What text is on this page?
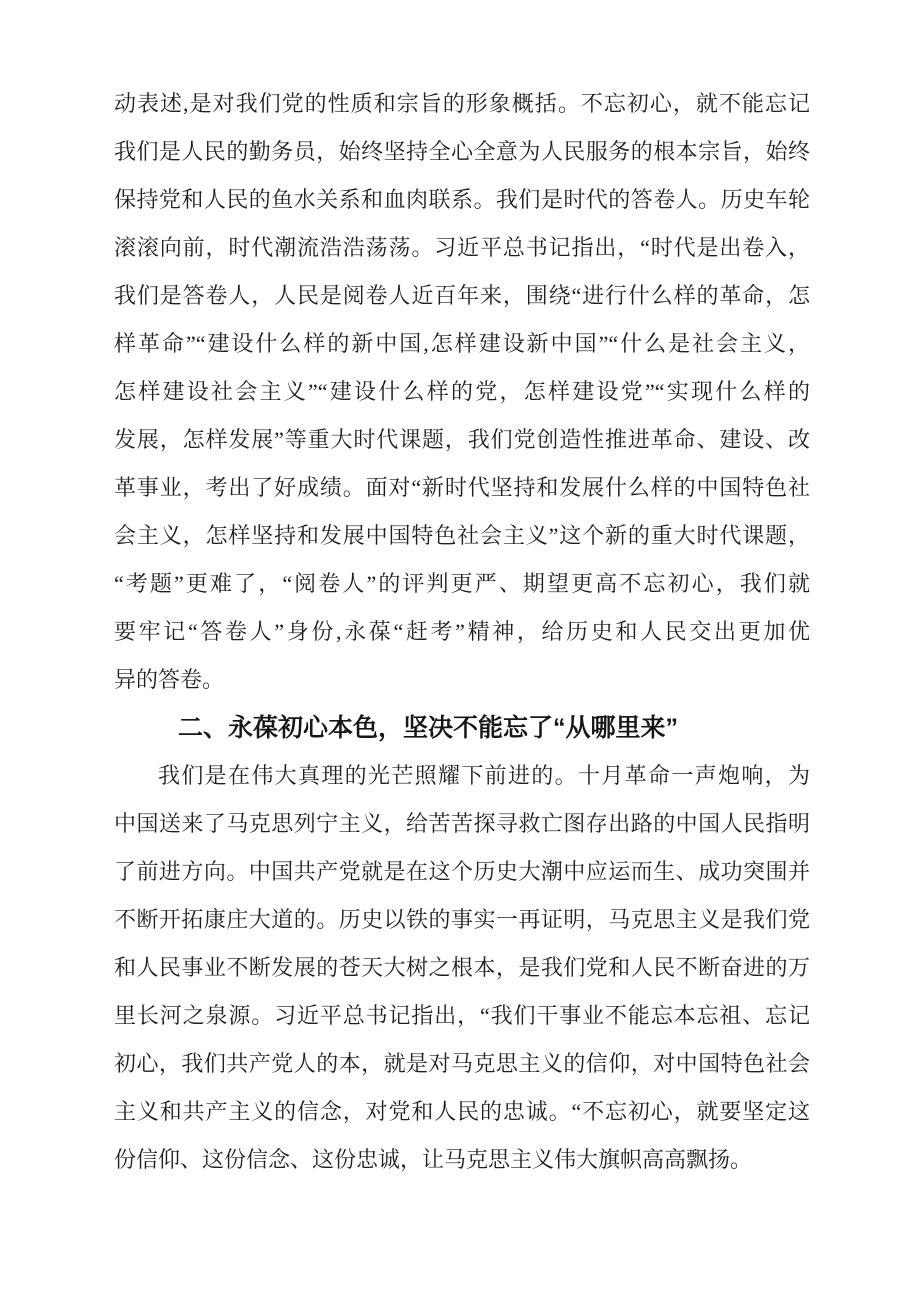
动表述,是对我们党的性质和宗旨的形象概括。不忘初心，就不能忘记
我们是人民的勤务员，始终坚持全心全意为人民服务的根本宗旨，始终
保持党和人民的鱼水关系和血肉联系。我们是时代的答卷人。历史车轮
滚滚向前，时代潮流浩浩荡荡。习近平总书记指出，“时代是出卷入，
我们是答卷人，人民是阅卷人近百年来，围绕“进行什么样的革命，怎
样革命”“建设什么样的新中国,怎样建设新中国”“什么是社会主义，
怎样建设社会主义”“建设什么样的党，怎样建设党”“实现什么样的
发展，怎样发展”等重大时代课题，我们党创造性推进革命、建设、改
革事业，考出了好成绩。面对“新时代坚持和发展什么样的中国特色社
会主义，怎样坚持和发展中国特色社会主义”这个新的重大时代课题，
“考题”更难了，“阅卷人”的评判更严、期望更高不忘初心，我们就
要牢记“答卷人”身份,永葆“赶考”精神，给历史和人民交出更加优
异的答卷。
二、永葆初心本色，坚决不能忘了“从哪里来”
我们是在伟大真理的光芒照耀下前进的。十月革命一声炮响，为
中国送来了马克思列宁主义，给苦苦探寻救亡图存出路的中国人民指明
了前进方向。中国共产党就是在这个历史大潮中应运而生、成功突围并
不断开拓康庄大道的。历史以铁的事实一再证明，马克思主义是我们党
和人民事业不断发展的苍天大树之根本，是我们党和人民不断奋进的万
里长河之泉源。习近平总书记指出，“我们干事业不能忘本忘祖、忘记
初心，我们共产党人的本，就是对马克思主义的信仰，对中国特色社会
主义和共产主义的信念，对党和人民的忠诚。“不忘初心，就要坚定这
份信仰、这份信念、这份忠诚，让马克思主义伟大旗帜高高飘扬。
